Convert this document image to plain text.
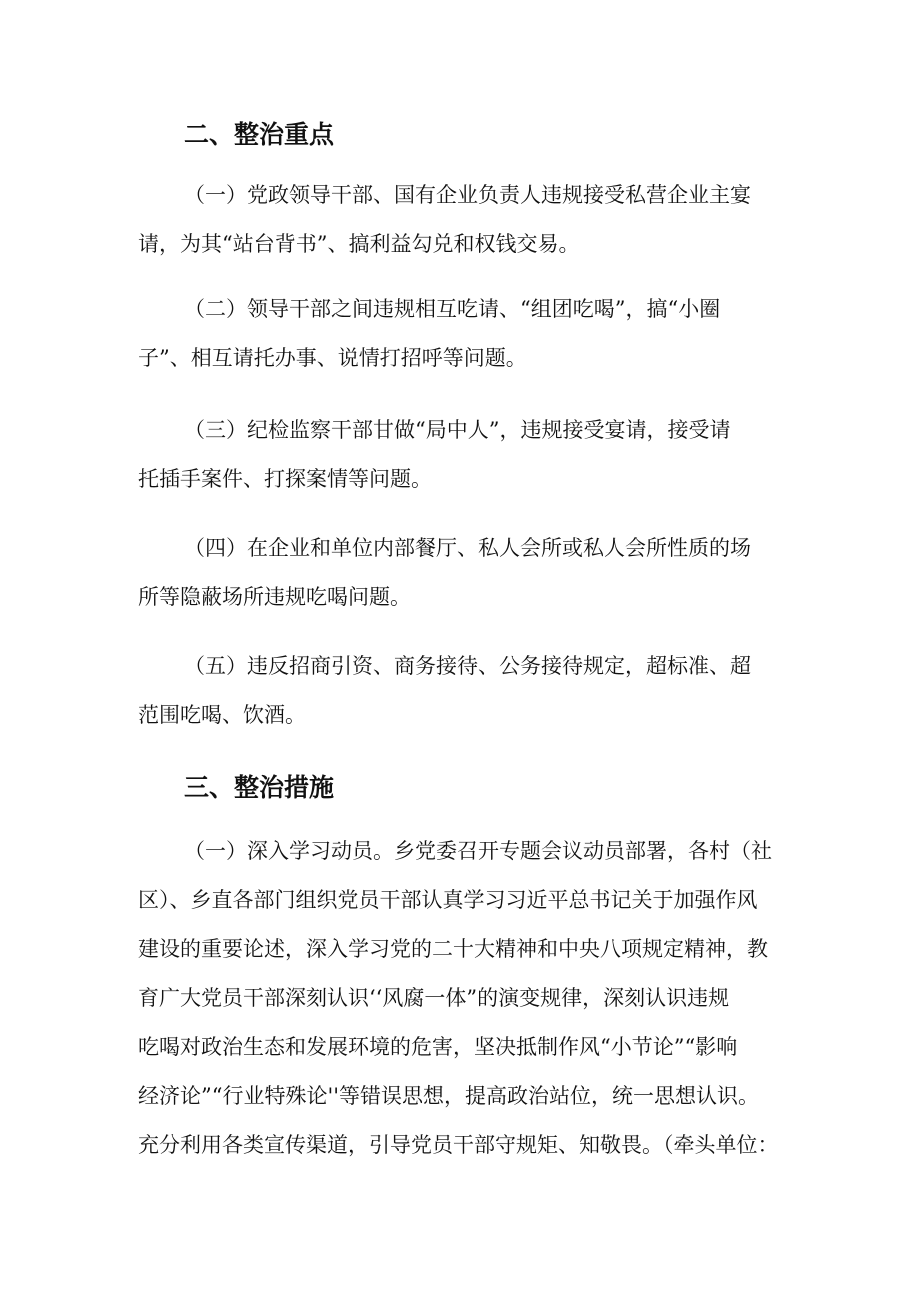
二、整治重点

（一）党政领导干部、国有企业负责人违规接受私营企业主宴

请，为其“站台背书”、搞利益勾兑和权钱交易。

（二）领导干部之间违规相互吃请、“组团吃喝”，搞“小圈

子”、相互请托办事、说情打招呼等问题。

（三）纪检监察干部甘做“局中人”，违规接受宴请，接受请

托插手案件、打探案情等问题。

（四）在企业和单位内部餐厅、私人会所或私人会所性质的场

所等隐蔽场所违规吃喝问题。

（五）违反招商引资、商务接待、公务接待规定，超标准、超

范围吃喝、饮酒。

三、整治措施

（一）深入学习动员。乡党委召开专题会议动员部署，各村（社

区）、乡直各部门组织党员干部认真学习习近平总书记关于加强作风

建设的重要论述，深入学习党的二十大精神和中央八项规定精神，教

育广大党员干部深刻认识‘‘风腐一体”的演变规律，深刻认识违规

吃喝对政治生态和发展环境的危害，坚决抵制作风“小节论”“影响

经济论”“行业特殊论''等错误思想，提高政治站位，统一思想认识。

充分利用各类宣传渠道，引导党员干部守规矩、知敬畏。（牵头单位：
